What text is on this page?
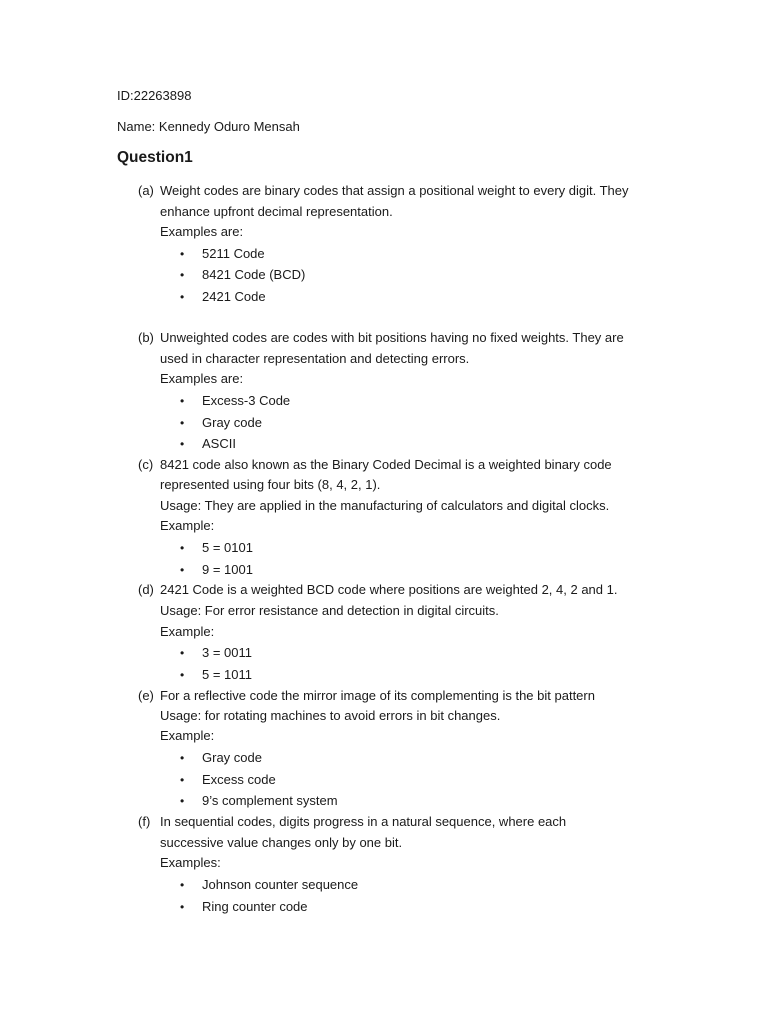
ID:22263898
Name: Kennedy Oduro Mensah
Question1
(a) Weight codes are binary codes that assign a positional weight to every digit. They
enhance upfront decimal representation.
Examples are:
• 5211 Code
• 8421 Code (BCD)
• 2421 Code
(b) Unweighted codes are codes with bit positions having no fixed weights. They are
used in character representation and detecting errors.
Examples are:
• Excess-3 Code
• Gray code
• ASCII
(c) 8421 code also known as the Binary Coded Decimal is a weighted binary code
represented using four bits (8, 4, 2, 1).
Usage: They are applied in the manufacturing of calculators and digital clocks.
Example:
• 5 = 0101
• 9 = 1001
(d) 2421 Code is a weighted BCD code where positions are weighted 2, 4, 2 and 1.
Usage: For error resistance and detection in digital circuits.
Example:
• 3 = 0011
• 5 = 1011
(e) For a reflective code the mirror image of its complementing is the bit pattern
Usage: for rotating machines to avoid errors in bit changes.
Example:
• Gray code
• Excess code
• 9’s complement system
(f) In sequential codes, digits progress in a natural sequence, where each
successive value changes only by one bit.
Examples:
• Johnson counter sequence
• Ring counter code
